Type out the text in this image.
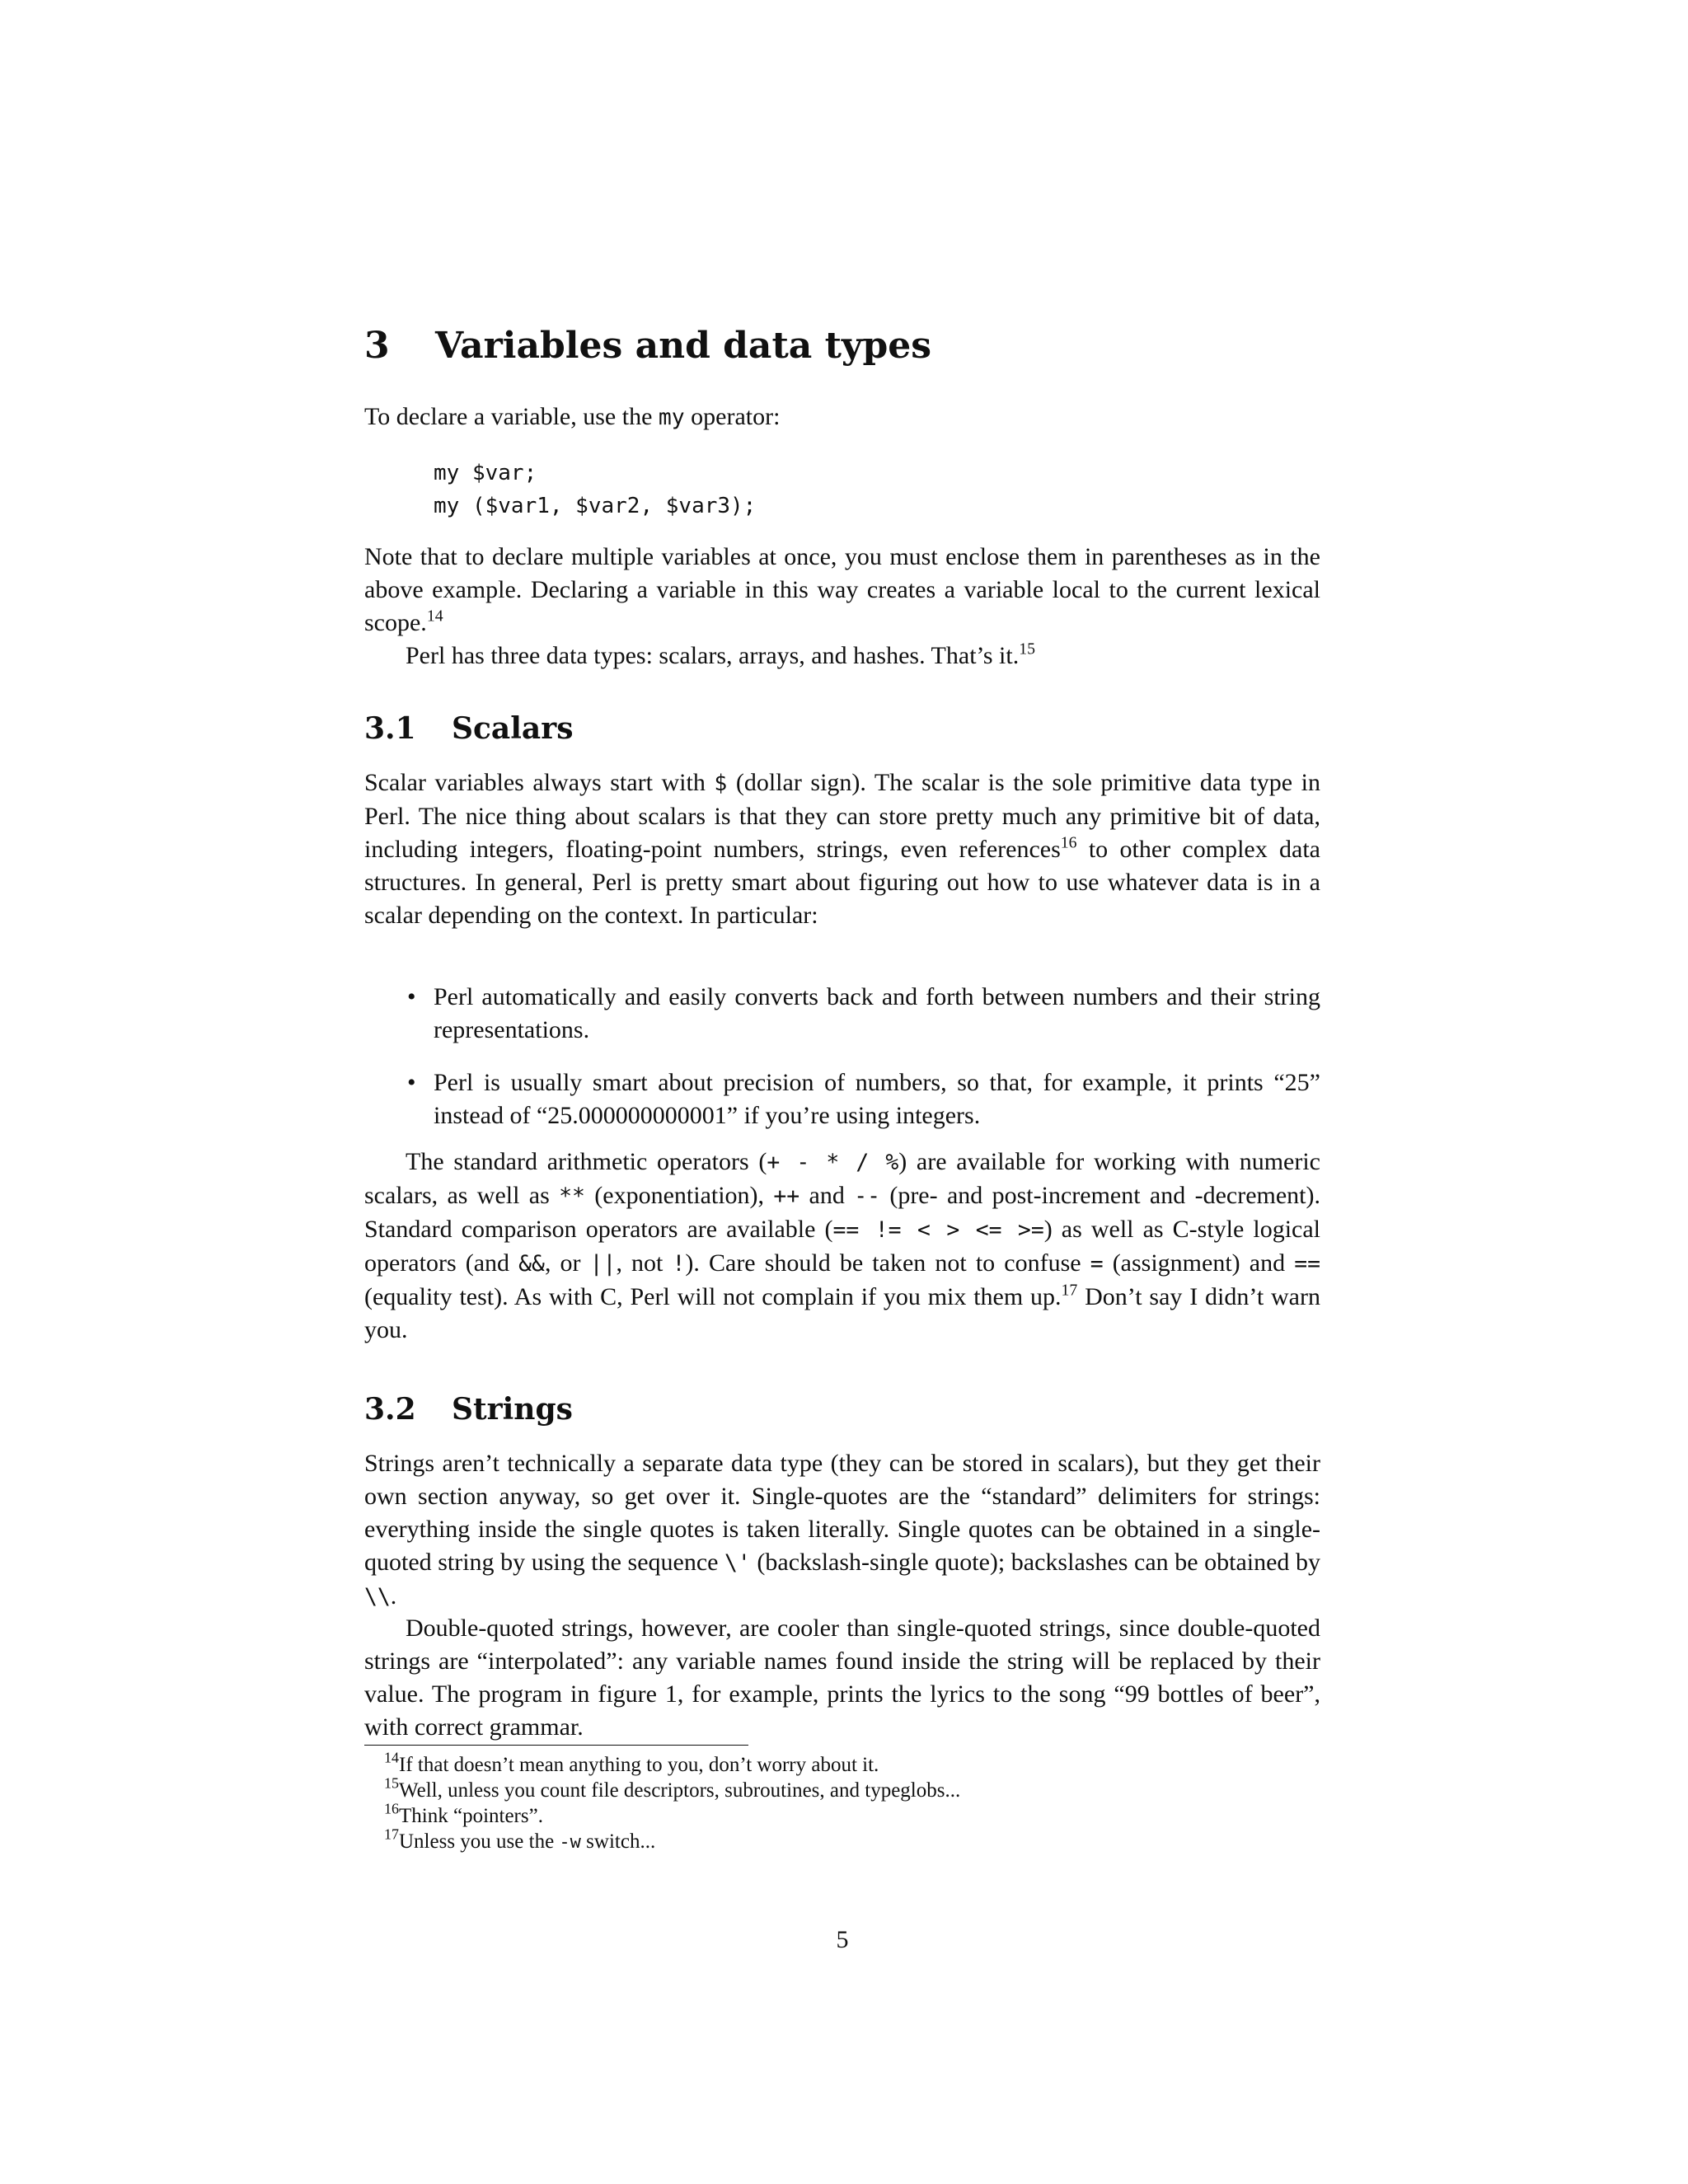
3 Variables and data types

To declare a variable, use the my operator:

my $var;
my ($var1, $var2, $var3);

Note that to declare multiple variables at once, you must enclose them in parentheses as in the above example. Declaring a variable in this way creates a variable local to the current lexical scope.$^{14}$

Perl has three data types: scalars, arrays, and hashes. That’s it.$^{15}$

3.1 Scalars

Scalar variables always start with $ (dollar sign). The scalar is the sole primitive data type in Perl. The nice thing about scalars is that they can store pretty much any primitive bit of data, including integers, floating-point numbers, strings, even references$^{16}$ to other complex data structures. In general, Perl is pretty smart about figuring out how to use whatever data is in a scalar depending on the context. In particular:

• Perl automatically and easily converts back and forth between numbers and their string representations.
• Perl is usually smart about precision of numbers, so that, for example, it prints “25” instead of “25.000000000001” if you’re using integers.

The standard arithmetic operators (+ - * / %) are available for working with numeric scalars, as well as ** (exponentiation), ++ and -- (pre- and post-increment and -decrement). Standard comparison operators are available (== != < > <= >=) as well as C-style logical operators (and &&, or ||, not !). Care should be taken not to confuse = (assignment) and == (equality test). As with C, Perl will not complain if you mix them up.$^{17}$ Don’t say I didn’t warn you.

3.2 Strings

Strings aren’t technically a separate data type (they can be stored in scalars), but they get their own section anyway, so get over it. Single-quotes are the “standard” delimiters for strings: everything inside the single quotes is taken literally. Single quotes can be obtained in a single-quoted string by using the sequence \' (backslash-single quote); backslashes can be obtained by \\.

Double-quoted strings, however, are cooler than single-quoted strings, since double-quoted strings are “interpolated”: any variable names found inside the string will be replaced by their value. The program in figure 1, for example, prints the lyrics to the song “99 bottles of beer”, with correct grammar.

$^{14}$If that doesn’t mean anything to you, don’t worry about it.
$^{15}$Well, unless you count file descriptors, subroutines, and typeglobs...
$^{16}$Think “pointers”.
$^{17}$Unless you use the -w switch...
5
